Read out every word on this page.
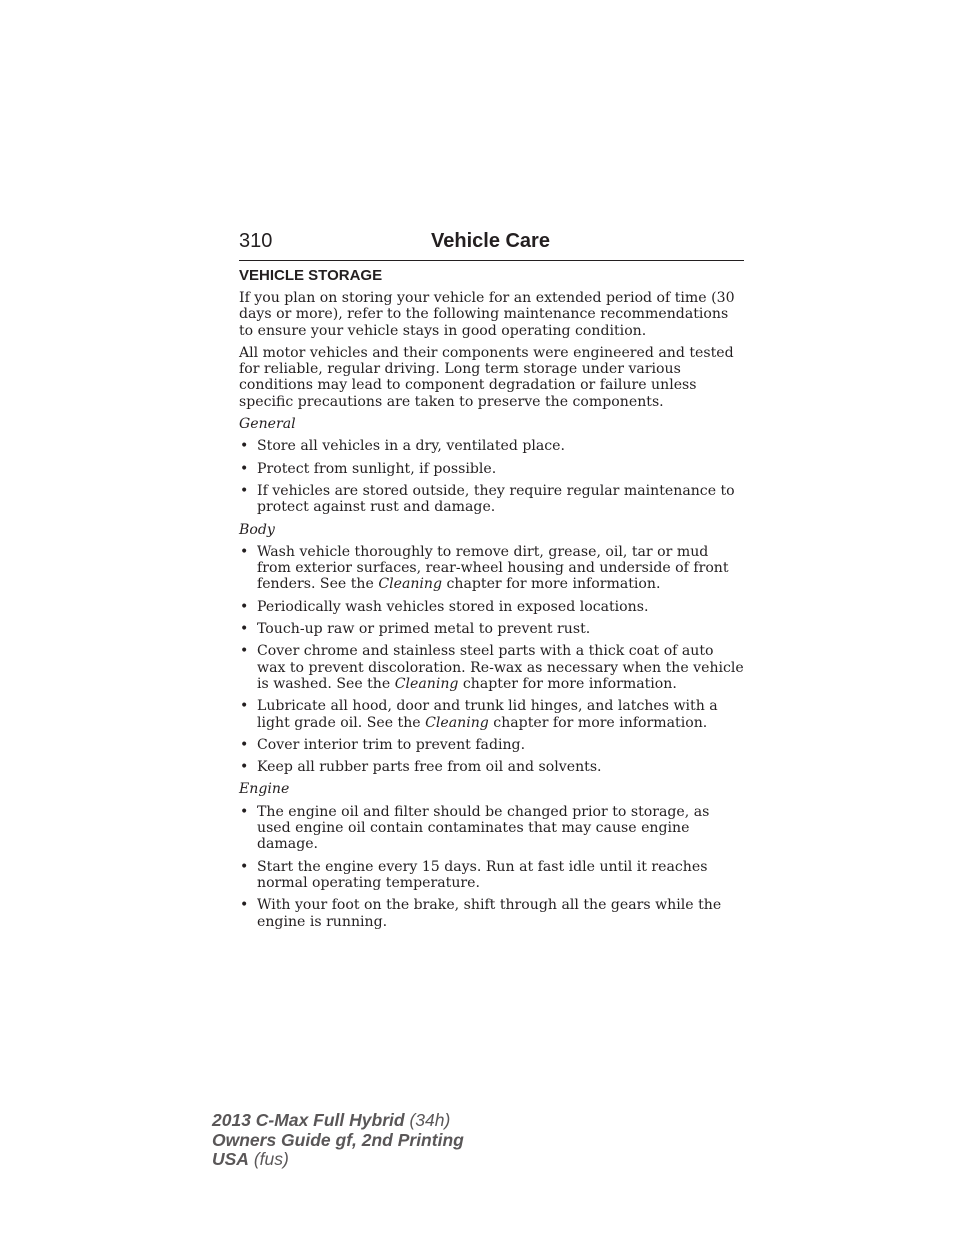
310	Vehicle Care
VEHICLE STORAGE

If you plan on storing your vehicle for an extended period of time (30 days or more), refer to the following maintenance recommendations to ensure your vehicle stays in good operating condition.

All motor vehicles and their components were engineered and tested for reliable, regular driving. Long term storage under various conditions may lead to component degradation or failure unless specific precautions are taken to preserve the components.

General
• Store all vehicles in a dry, ventilated place.
• Protect from sunlight, if possible.
• If vehicles are stored outside, they require regular maintenance to protect against rust and damage.
Body
• Wash vehicle thoroughly to remove dirt, grease, oil, tar or mud from exterior surfaces, rear-wheel housing and underside of front fenders. See the Cleaning chapter for more information.
• Periodically wash vehicles stored in exposed locations.
• Touch-up raw or primed metal to prevent rust.
• Cover chrome and stainless steel parts with a thick coat of auto wax to prevent discoloration. Re-wax as necessary when the vehicle is washed. See the Cleaning chapter for more information.
• Lubricate all hood, door and trunk lid hinges, and latches with a light grade oil. See the Cleaning chapter for more information.
• Cover interior trim to prevent fading.
• Keep all rubber parts free from oil and solvents.
Engine
• The engine oil and filter should be changed prior to storage, as used engine oil contain contaminates that may cause engine damage.
• Start the engine every 15 days. Run at fast idle until it reaches normal operating temperature.
• With your foot on the brake, shift through all the gears while the engine is running.
2013 C-Max Full Hybrid (34h)
Owners Guide gf, 2nd Printing
USA (fus)
